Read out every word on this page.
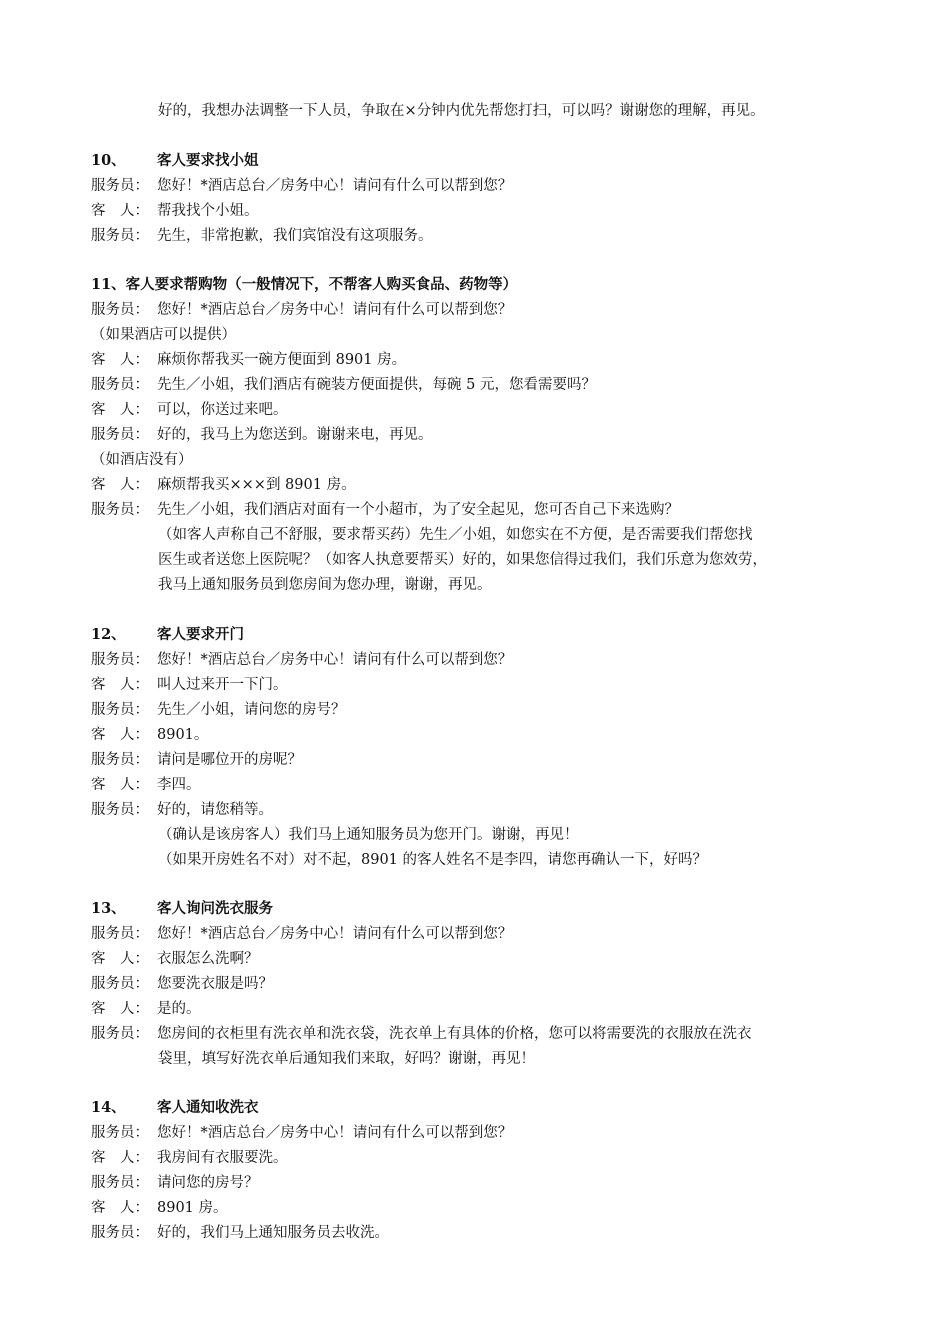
好的，我想办法调整一下人员，争取在×分钟内优先帮您打扫，可以吗？谢谢您的理解，再见。
10、 客人要求找小姐
服务员： 您好！*酒店总台／房务中心！请问有什么可以帮到您？
客　人： 帮我找个小姐。
服务员： 先生，非常抱歉，我们宾馆没有这项服务。
11、客人要求帮购物（一般情况下，不帮客人购买食品、药物等）
服务员： 您好！*酒店总台／房务中心！请问有什么可以帮到您？
（如果酒店可以提供）
客　人： 麻烦你帮我买一碗方便面到 8901 房。
服务员： 先生／小姐，我们酒店有碗装方便面提供，每碗 5 元，您看需要吗？
客　人： 可以，你送过来吧。
服务员： 好的，我马上为您送到。谢谢来电，再见。
（如酒店没有）
客　人： 麻烦帮我买×××到 8901 房。
服务员： 先生／小姐，我们酒店对面有一个小超市，为了安全起见，您可否自己下来选购？
（如客人声称自己不舒服，要求帮买药）先生／小姐，如您实在不方便，是否需要我们帮您找
医生或者送您上医院呢？（如客人执意要帮买）好的，如果您信得过我们，我们乐意为您效劳，
我马上通知服务员到您房间为您办理，谢谢，再见。
12、 客人要求开门
服务员： 您好！*酒店总台／房务中心！请问有什么可以帮到您？
客　人： 叫人过来开一下门。
服务员： 先生／小姐，请问您的房号？
客　人： 8901。
服务员： 请问是哪位开的房呢？
客　人： 李四。
服务员： 好的，请您稍等。
（确认是该房客人）我们马上通知服务员为您开门。谢谢，再见！
（如果开房姓名不对）对不起，8901 的客人姓名不是李四，请您再确认一下，好吗？
13、 客人询问洗衣服务
服务员： 您好！*酒店总台／房务中心！请问有什么可以帮到您？
客　人： 衣服怎么洗啊？
服务员： 您要洗衣服是吗？
客　人： 是的。
服务员： 您房间的衣柜里有洗衣单和洗衣袋，洗衣单上有具体的价格，您可以将需要洗的衣服放在洗衣
袋里，填写好洗衣单后通知我们来取，好吗？谢谢，再见！
14、 客人通知收洗衣
服务员： 您好！*酒店总台／房务中心！请问有什么可以帮到您？
客　人： 我房间有衣服要洗。
服务员： 请问您的房号？
客　人： 8901 房。
服务员： 好的，我们马上通知服务员去收洗。
